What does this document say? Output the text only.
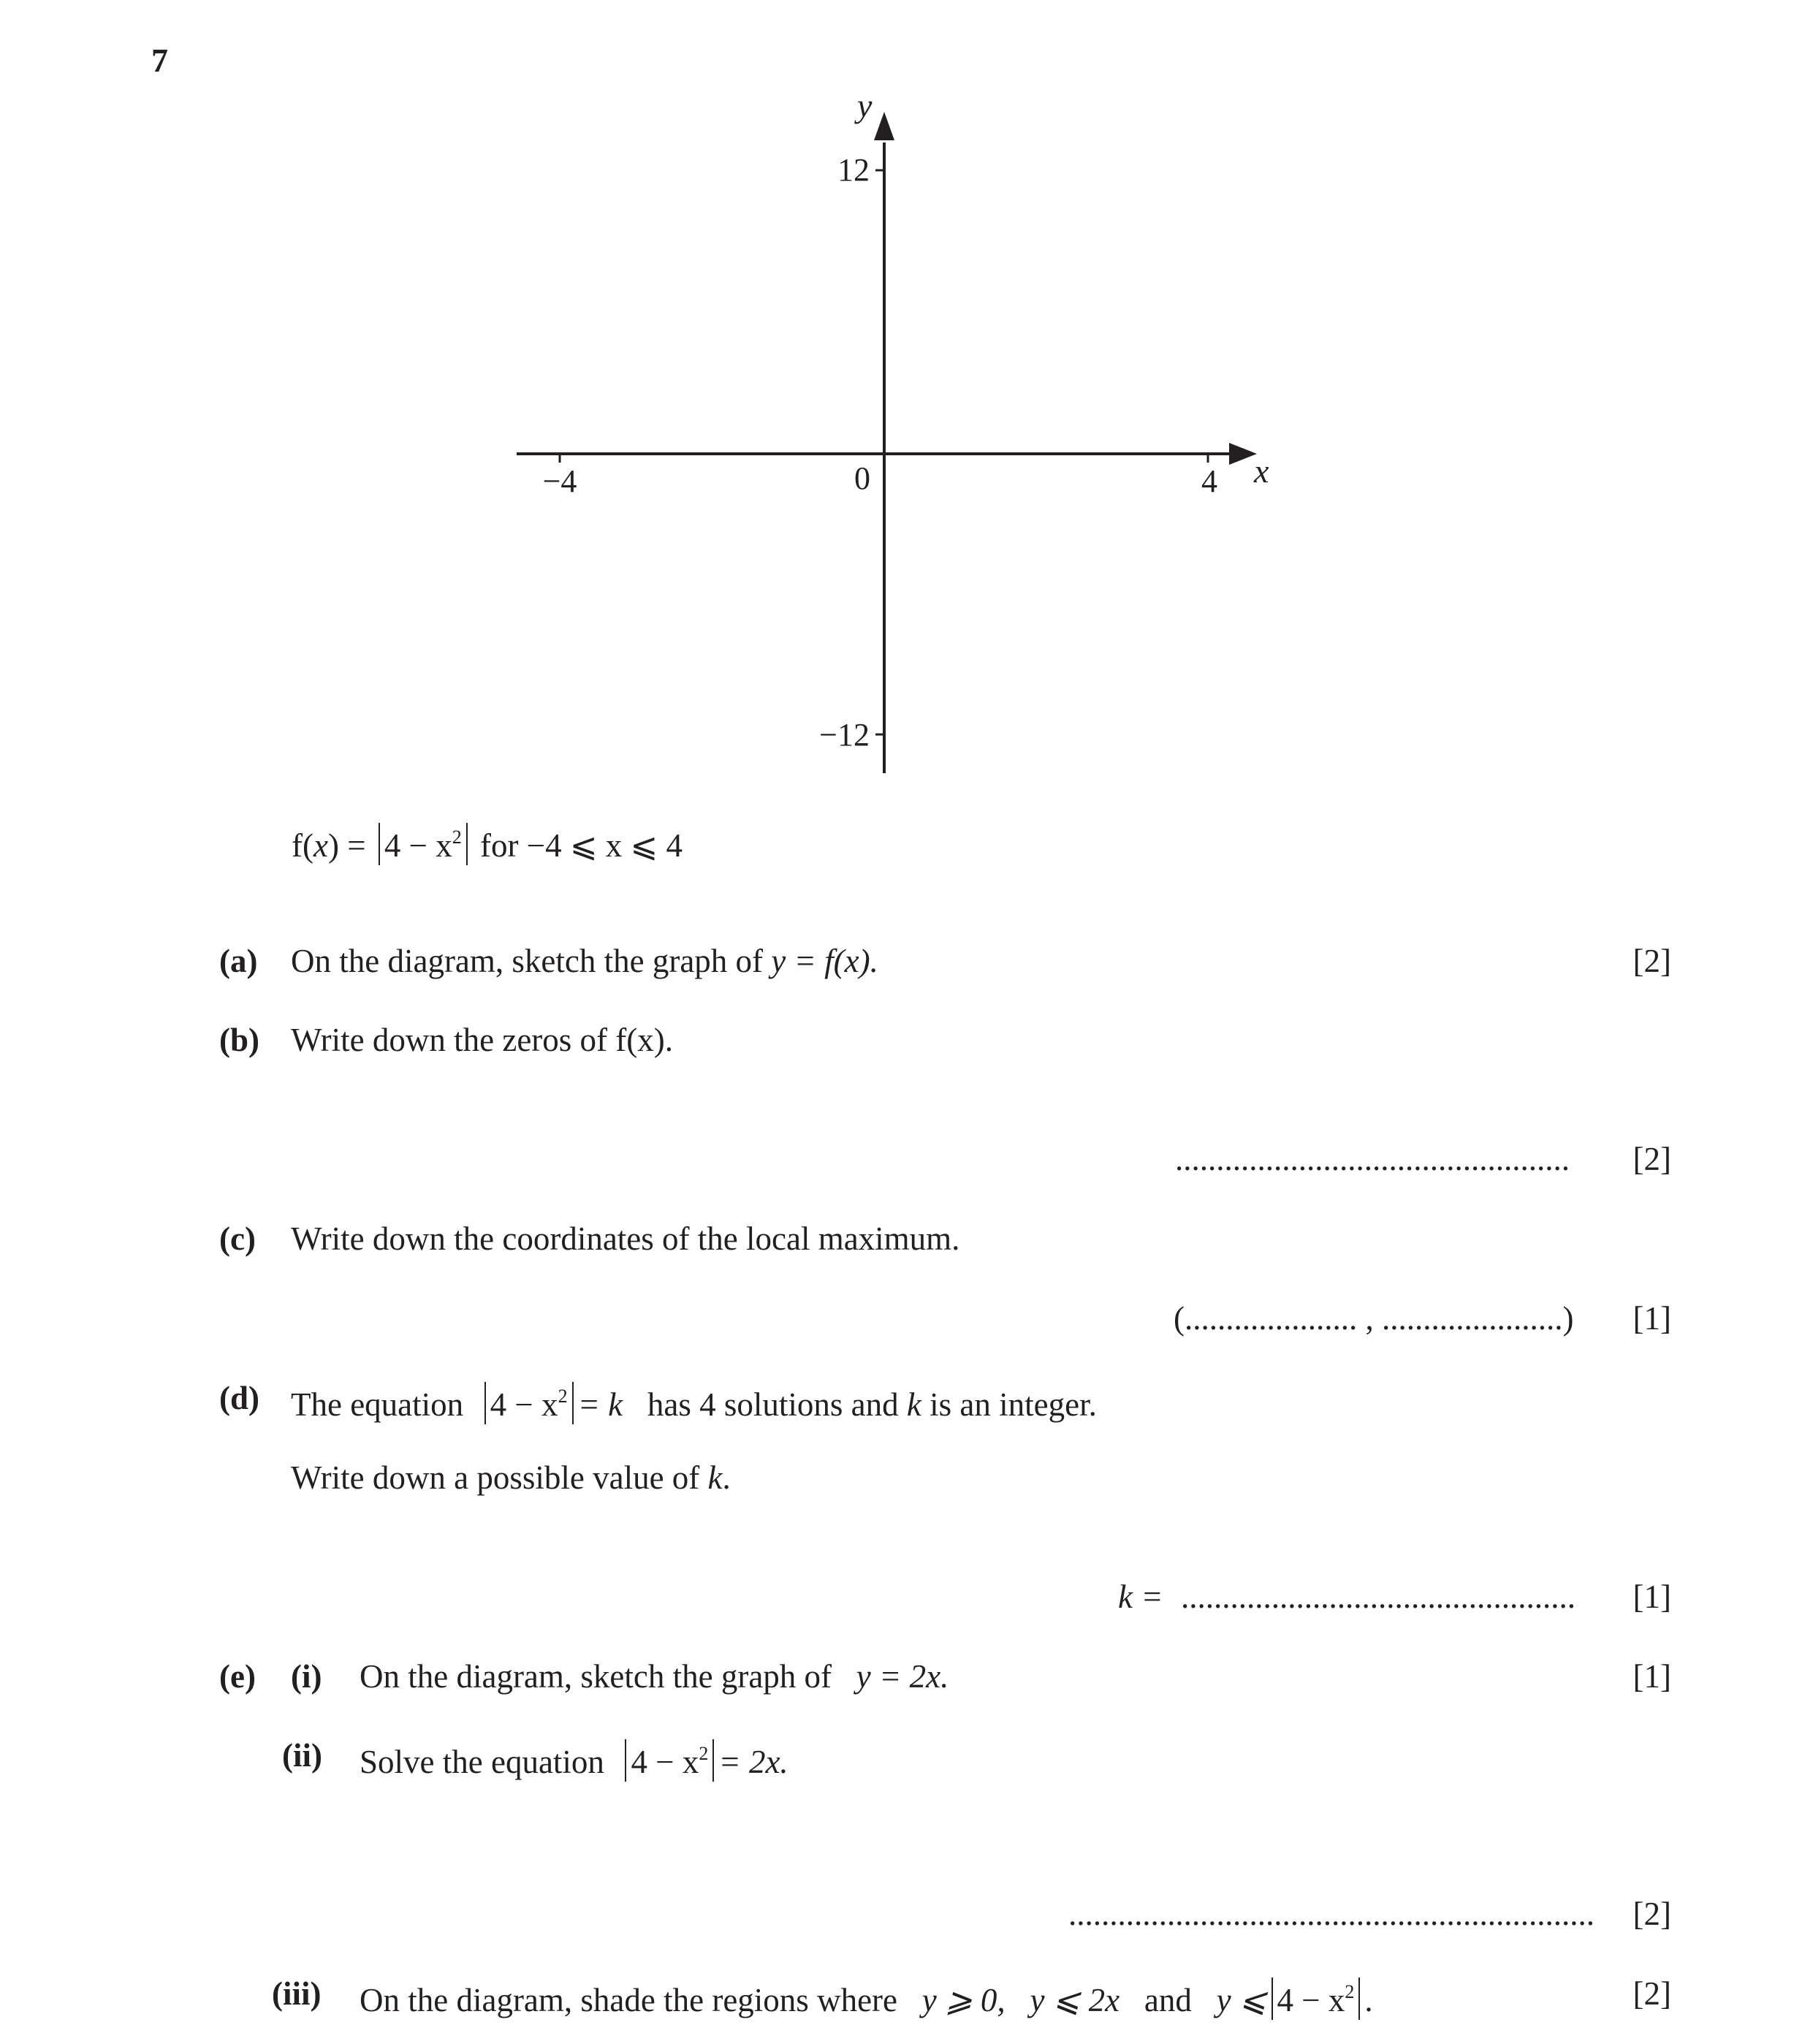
7
−4	0	4
12
−12
x
y
$f(x) = 4 - x^2$ for −4 ⩽ x ⩽ 4
(a) On the diagram, sketch the graph of y = f(x).	[2]
(b) Write down the zeros of f(x).
................................................ [2]
(c) Write down the coordinates of the local maximum.
(..................... , ......................) [1]
(d) The equation  $4 - x^2 = k$ has 4 solutions and k is an integer.
Write down a possible value of k.
k = ................................................ [1]
(e) (i) On the diagram, sketch the graph of y = 2x.	[1]
(ii) Solve the equation $4 - x^2 = 2x$.
................................................................ [2]
(iii) On the diagram, shade the regions where y ⩾ 0, y ⩽ 2x and y ⩽ $4 - x^2$ .	[2]
